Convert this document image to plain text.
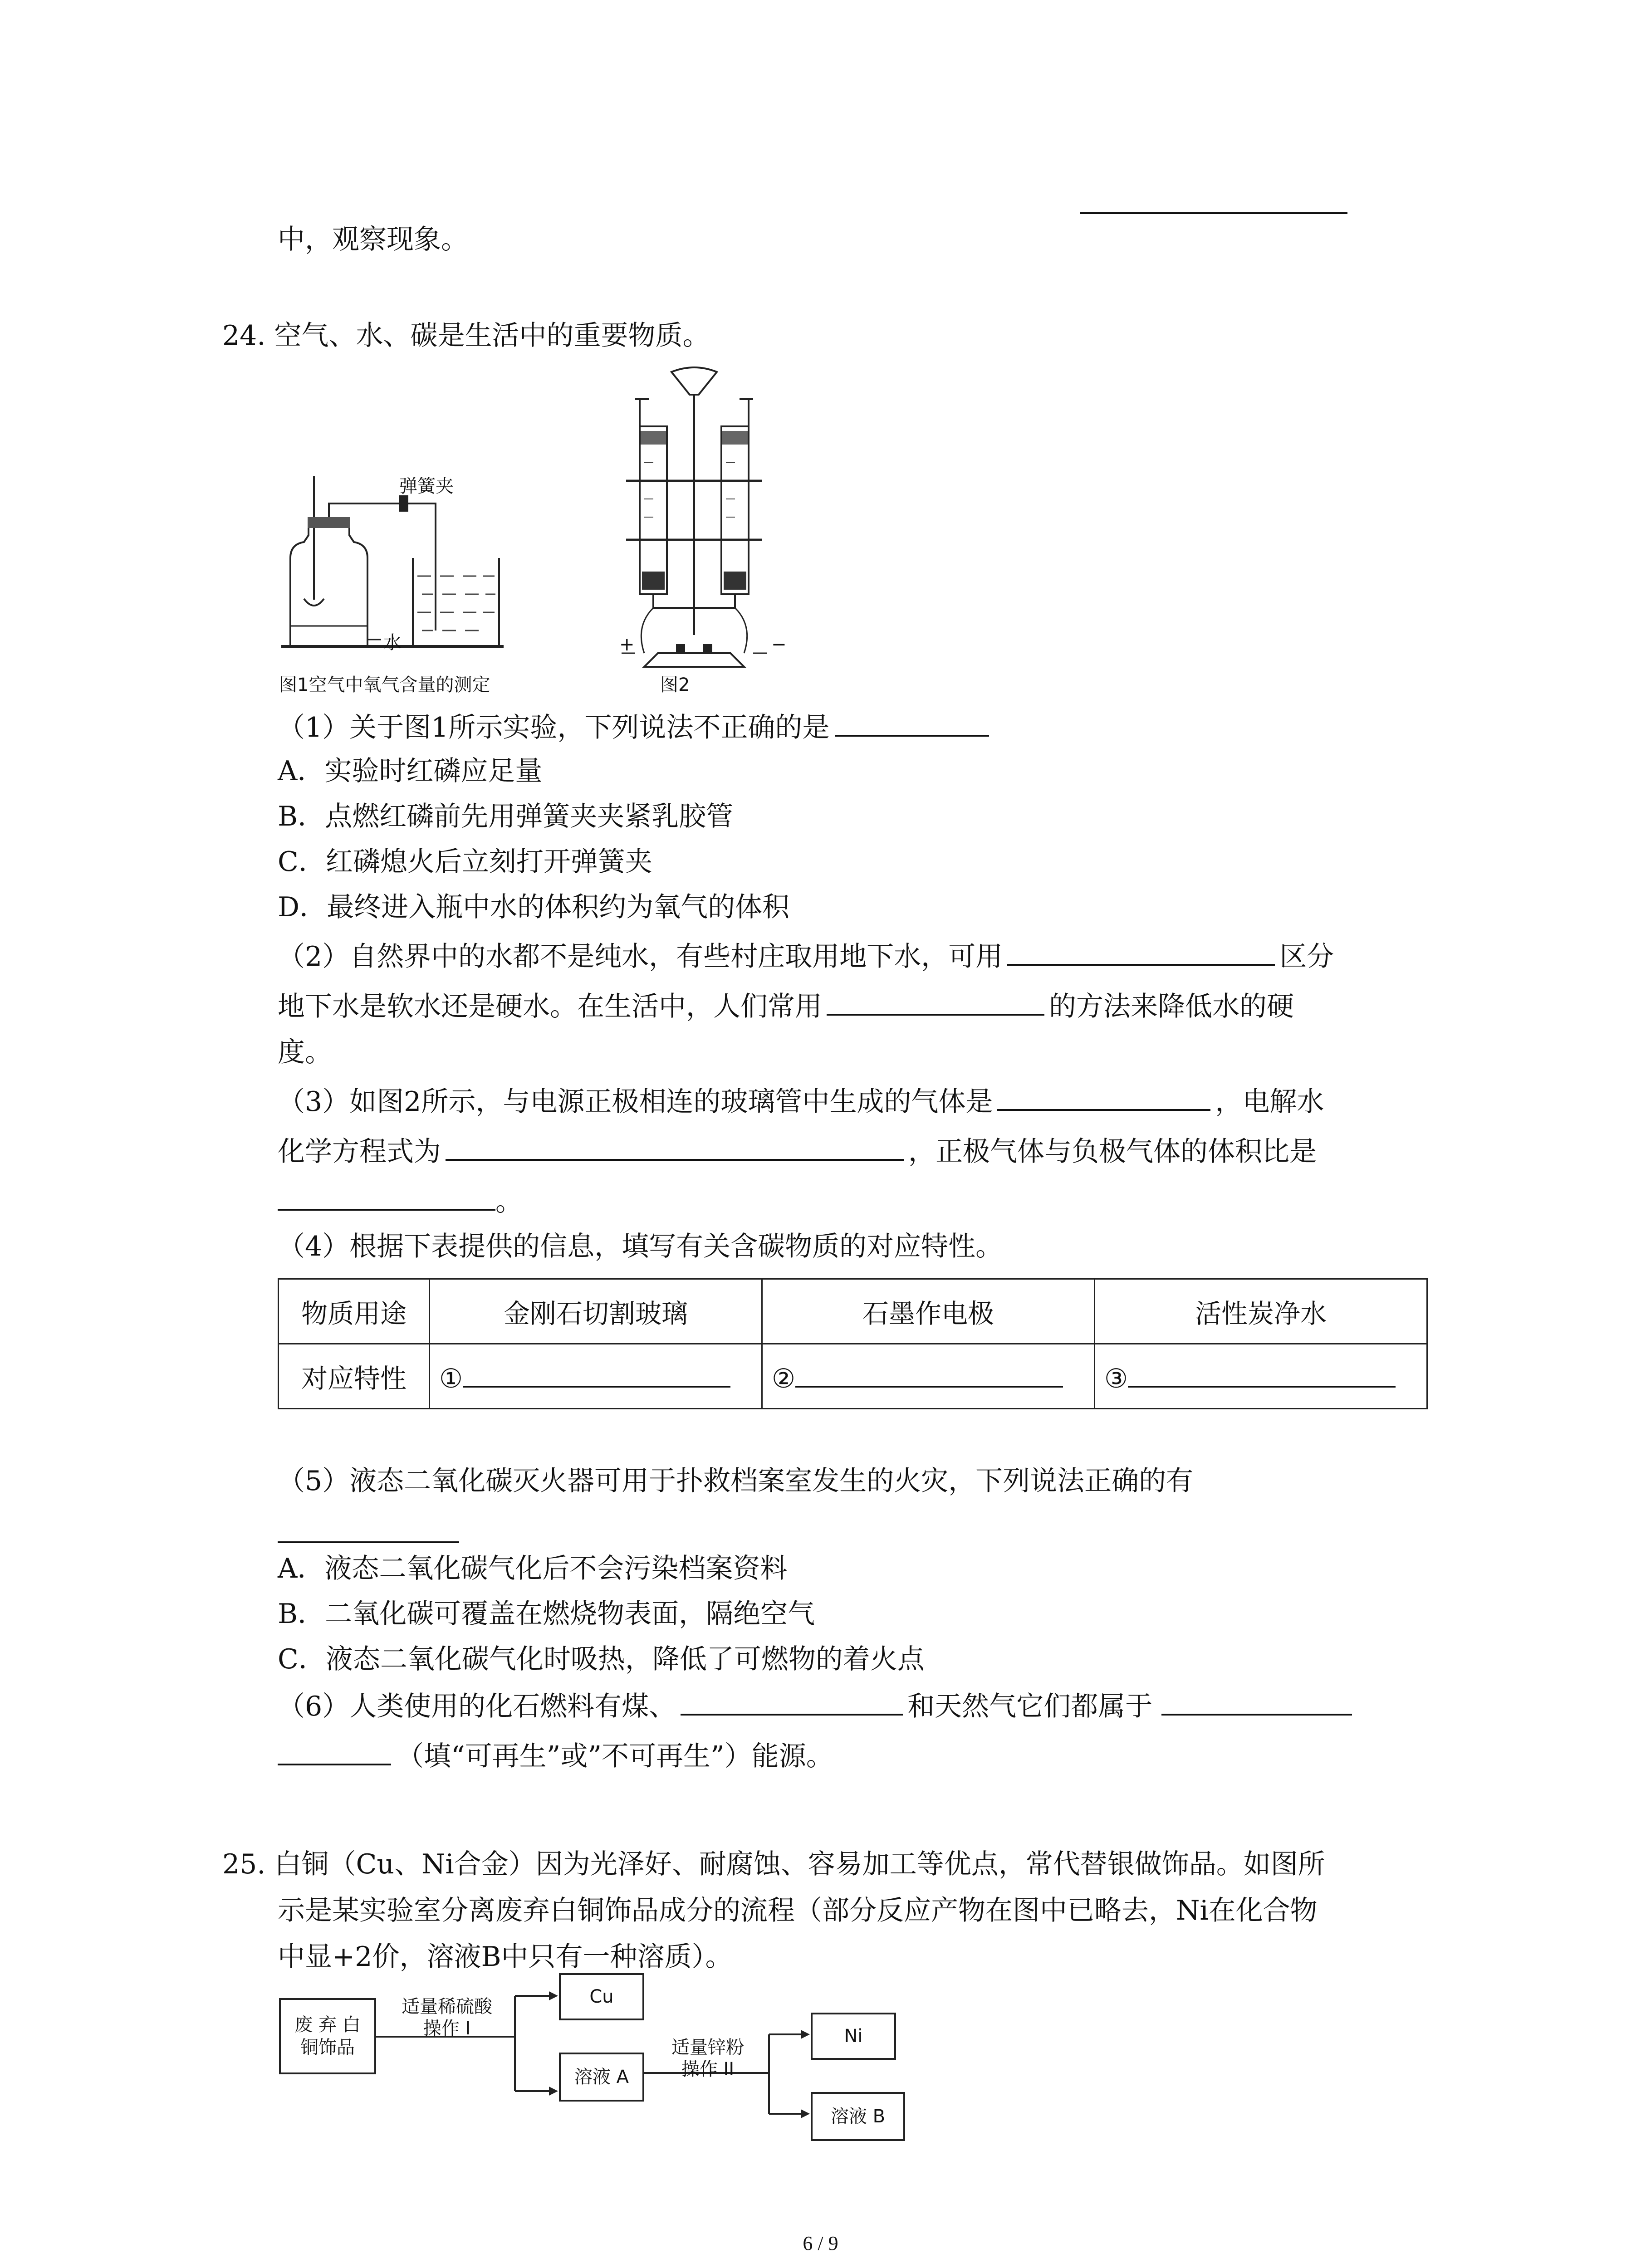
中，观察现象。
24. 空气、水、碳是生活中的重要物质。
弹簧夹
水
图1空气中氧气含量的测定
+	−
图2
（1）关于图1所示实验，下列说法不正确的是
A．实验时红磷应足量
B．点燃红磷前先用弹簧夹夹紧乳胶管
C．红磷熄火后立刻打开弹簧夹
D．最终进入瓶中水的体积约为氧气的体积
（2）自然界中的水都不是纯水，有些村庄取用地下水，可用	区分
地下水是软水还是硬水。在生活中，人们常用	的方法来降低水的硬
度。
（3）如图2所示，与电源正极相连的玻璃管中生成的气体是	，电解水
化学方程式为	，正极气体与负极气体的体积比是
。
（4）根据下表提供的信息，填写有关含碳物质的对应特性。
物质用途	金刚石切割玻璃	石墨作电极	活性炭净水
对应特性	①	②	③
（5）液态二氧化碳灭火器可用于扑救档案室发生的火灾，下列说法正确的有
A．液态二氧化碳气化后不会污染档案资料
B．二氧化碳可覆盖在燃烧物表面，隔绝空气
C．液态二氧化碳气化时吸热，降低了可燃物的着火点
（6）人类使用的化石燃料有煤、	和天然气它们都属于
（填“可再生”或”不可再生”）能源。
25. 白铜（Cu、Ni合金）因为光泽好、耐腐蚀、容易加工等优点，常代替银做饰品。如图所
示是某实验室分离废弃白铜饰品成分的流程（部分反应产物在图中已略去，Ni在化合物
中显+2价，溶液B中只有一种溶质）。
废 弃 白
铜饰品
适量稀硫酸
操作 I
Cu
溶液 A
适量锌粉
操作 II
Ni
溶液 B
6 / 9
